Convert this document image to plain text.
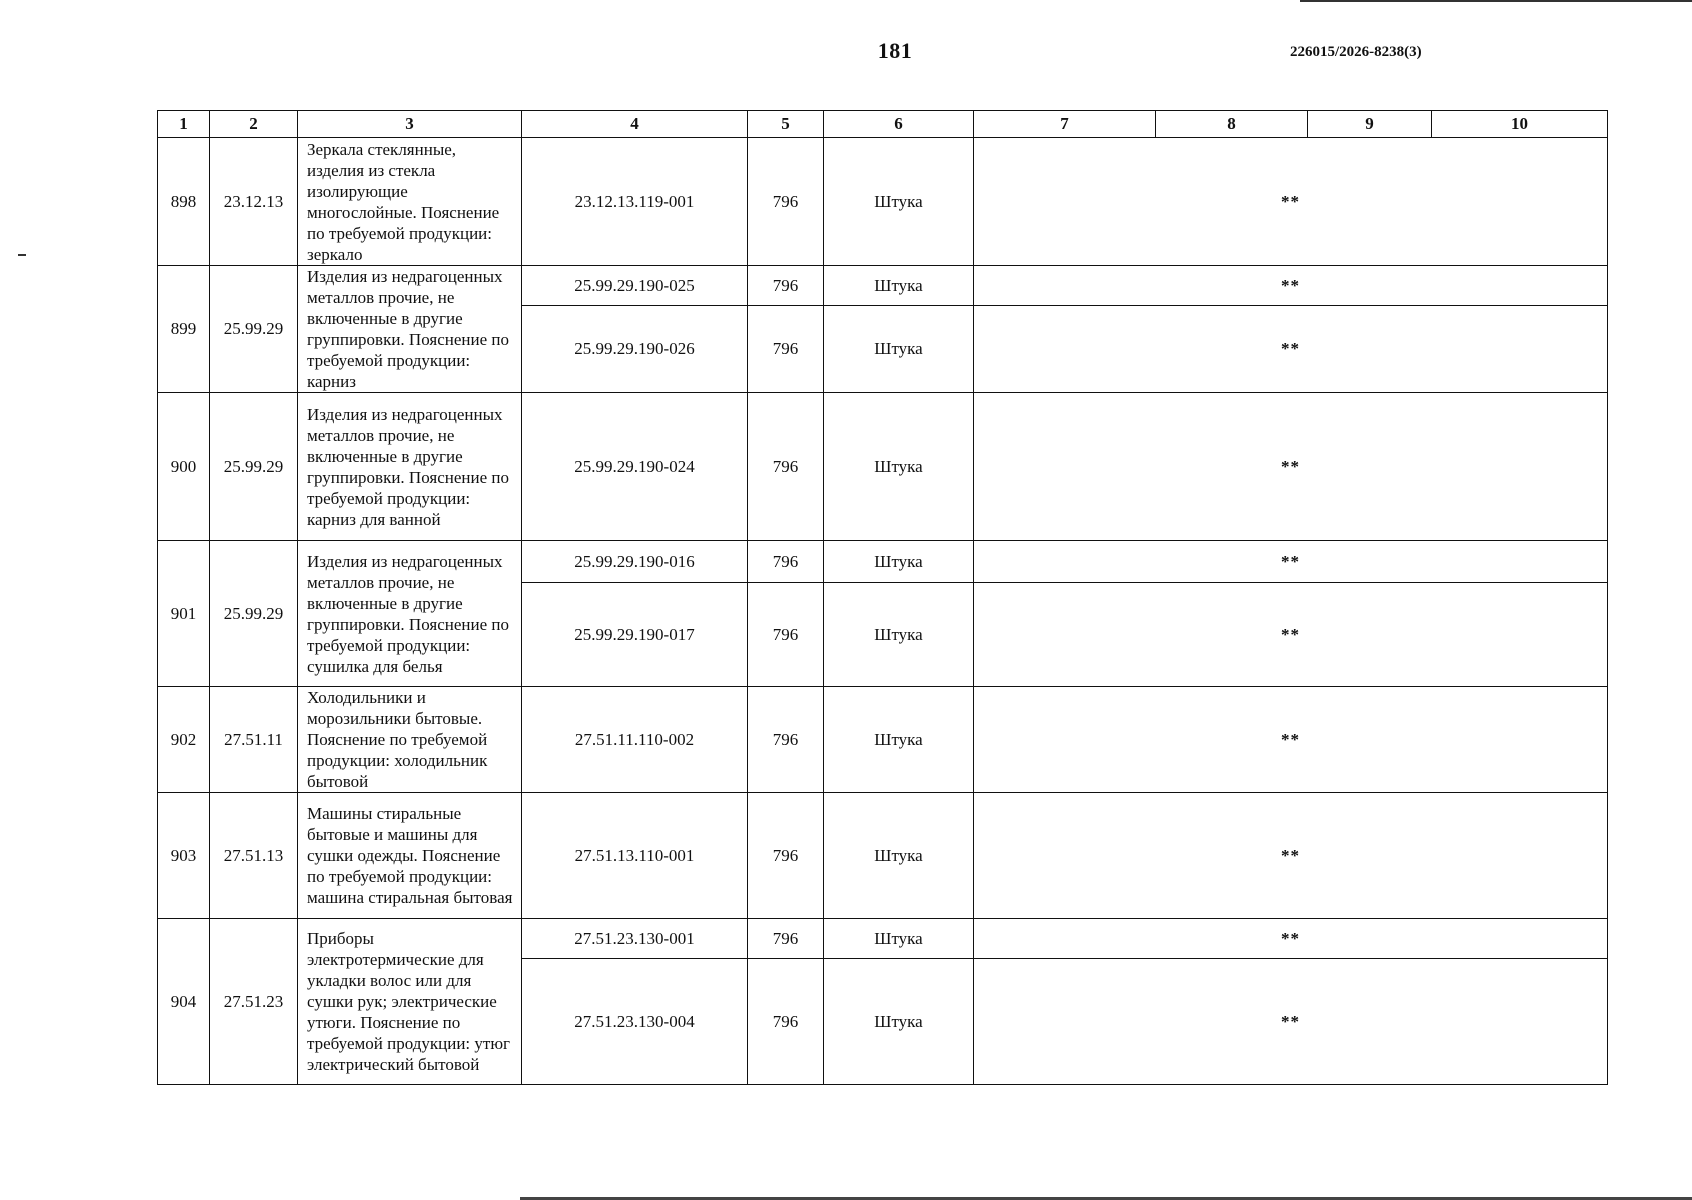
181	226015/2026-8238(3)
1	2	3	4	5	6	7	8	9	10
898	23.12.13	Зеркала стеклянные, изделия из стекла изолирующие многослойные. Пояснение по требуемой продукции: зеркало	23.12.13.119-001	796	Штука	**			
899	25.99.29	Изделия из недрагоценных металлов прочие, не включенные в другие группировки. Пояснение по требуемой продукции: карниз	25.99.29.190-025	796	Штука	**			
			25.99.29.190-026	796	Штука	**			
900	25.99.29	Изделия из недрагоценных металлов прочие, не включенные в другие группировки. Пояснение по требуемой продукции: карниз для ванной	25.99.29.190-024	796	Штука	**			
901	25.99.29	Изделия из недрагоценных металлов прочие, не включенные в другие группировки. Пояснение по требуемой продукции: сушилка для белья	25.99.29.190-016	796	Штука	**			
			25.99.29.190-017	796	Штука	**			
902	27.51.11	Холодильники и морозильники бытовые. Пояснение по требуемой продукции: холодильник бытовой	27.51.11.110-002	796	Штука	**			
903	27.51.13	Машины стиральные бытовые и машины для сушки одежды. Пояснение по требуемой продукции: машина стиральная бытовая	27.51.13.110-001	796	Штука	**			
904	27.51.23	Приборы электротермические для укладки волос или для сушки рук; электрические утюги. Пояснение по требуемой продукции: утюг электрический бытовой	27.51.23.130-001	796	Штука	**			
			27.51.23.130-004	796	Штука	**			
